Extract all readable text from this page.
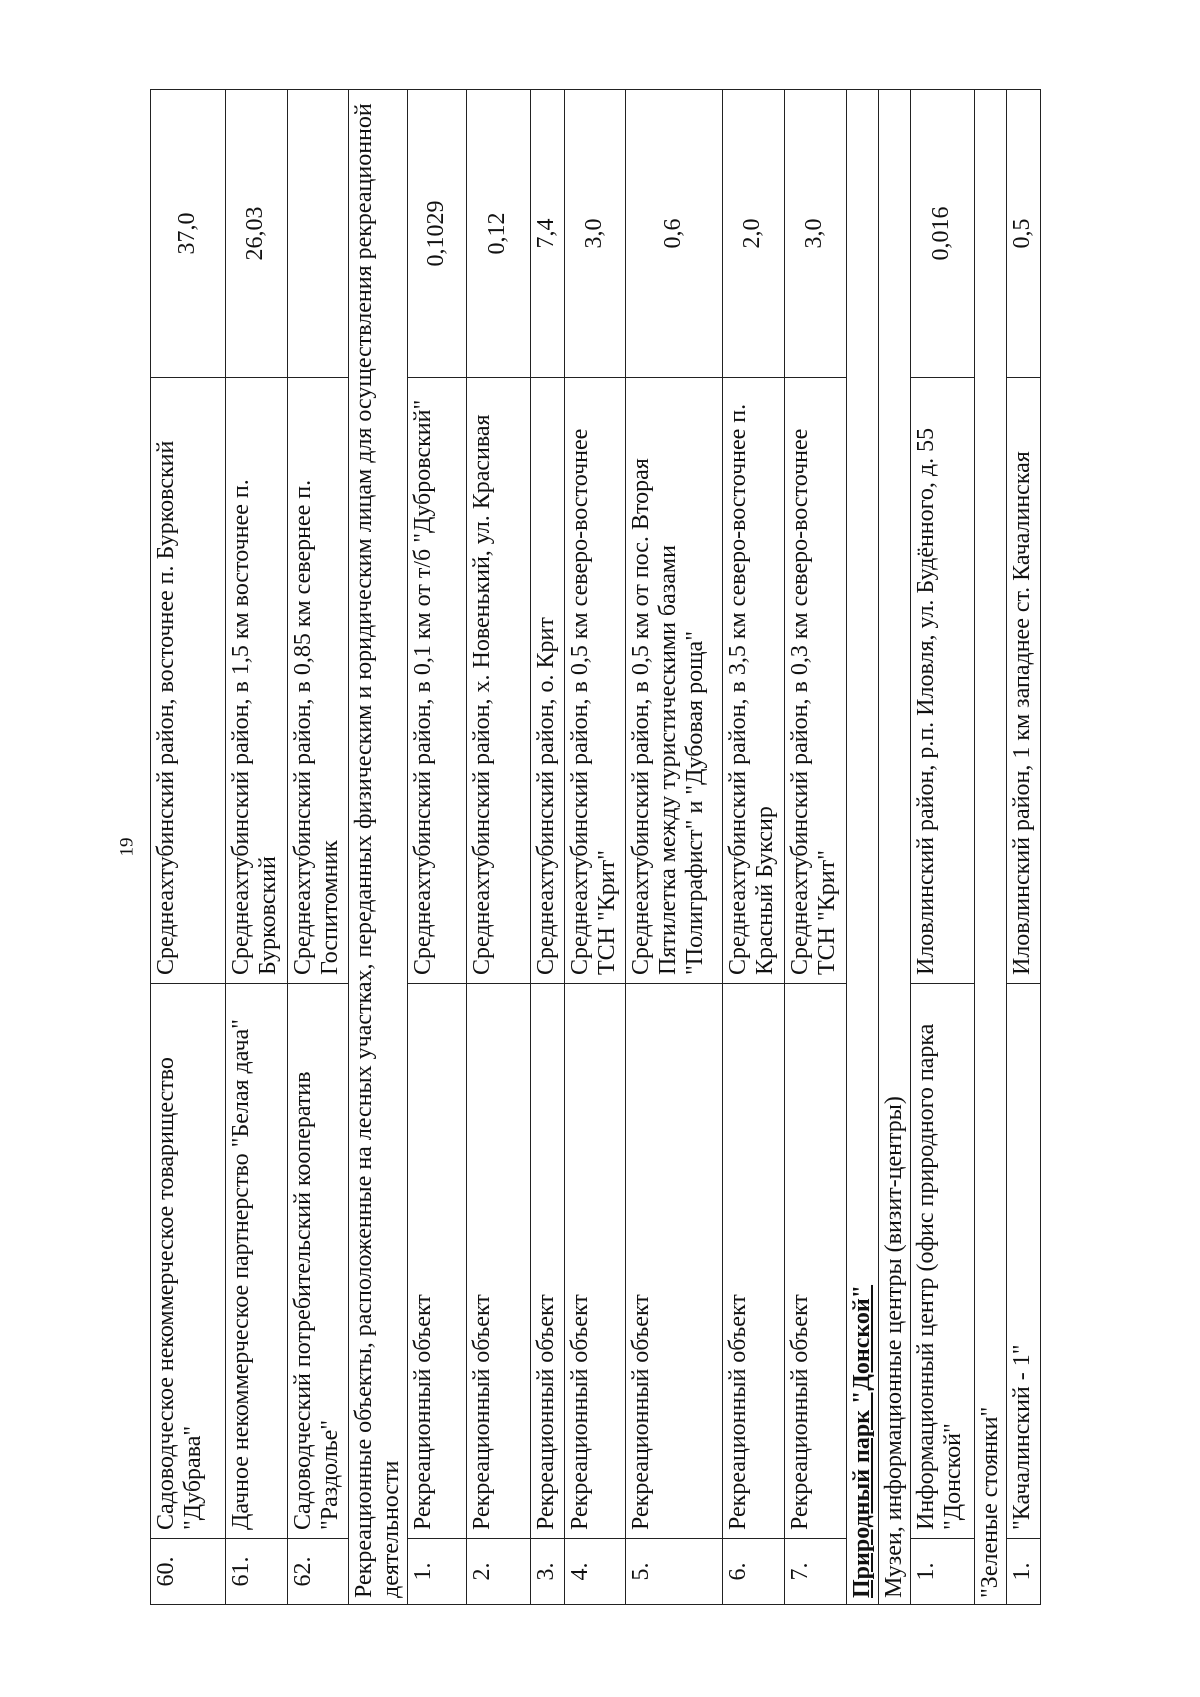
19
60.	Садоводческое некоммерческое товарищество "Дубрава"	Среднеахтубинский район, восточнее п. Бурковский	37,0
61.	Дачное некоммерческое партнерство "Белая дача"	Среднеахтубинский район, в 1,5 км восточнее п. Бурковский	26,03
62.	Садоводческий потребительский кооператив "Раздолье"	Среднеахтубинский район, в 0,85 км севернее п. Госпитомник	
Рекреационные объекты, расположенные на лесных участках, переданных физическим и юридическим лицам для осуществления рекреационной деятельности			
1.	Рекреационный объект	Среднеахтубинский район, в 0,1 км от т/б "Дубровский"	0,1029
2.	Рекреационный объект	Среднеахтубинский район, х. Новенький, ул. Красивая	0,12
3.	Рекреационный объект	Среднеахтубинский район, о. Крит	7,4
4.	Рекреационный объект	Среднеахтубинский район, в 0,5 км северо-восточнее ТСН "Крит"	3,0
5.	Рекреационный объект	Среднеахтубинский район, в 0,5 км от пос. Вторая Пятилетка между туристическими базами "Полиграфист" и "Дубовая роща"	0,6
6.	Рекреационный объект	Среднеахтубинский район, в 3,5 км северо-восточнее п. Красный Буксир	2,0
7.	Рекреационный объект	Среднеахтубинский район, в 0,3 км северо-восточнее ТСН "Крит"	3,0
Природный парк "Донской"			
Музеи, информационные центры (визит-центры)			
1.	Информационный центр (офис природного парка "Донской"	Иловлинский район, р.п. Иловля, ул. Будённого, д. 55	0,016
"Зеленые стоянки"			
1.	"Качалинский - 1"	Иловлинский район, 1 км западнее ст. Качалинская	0,5
